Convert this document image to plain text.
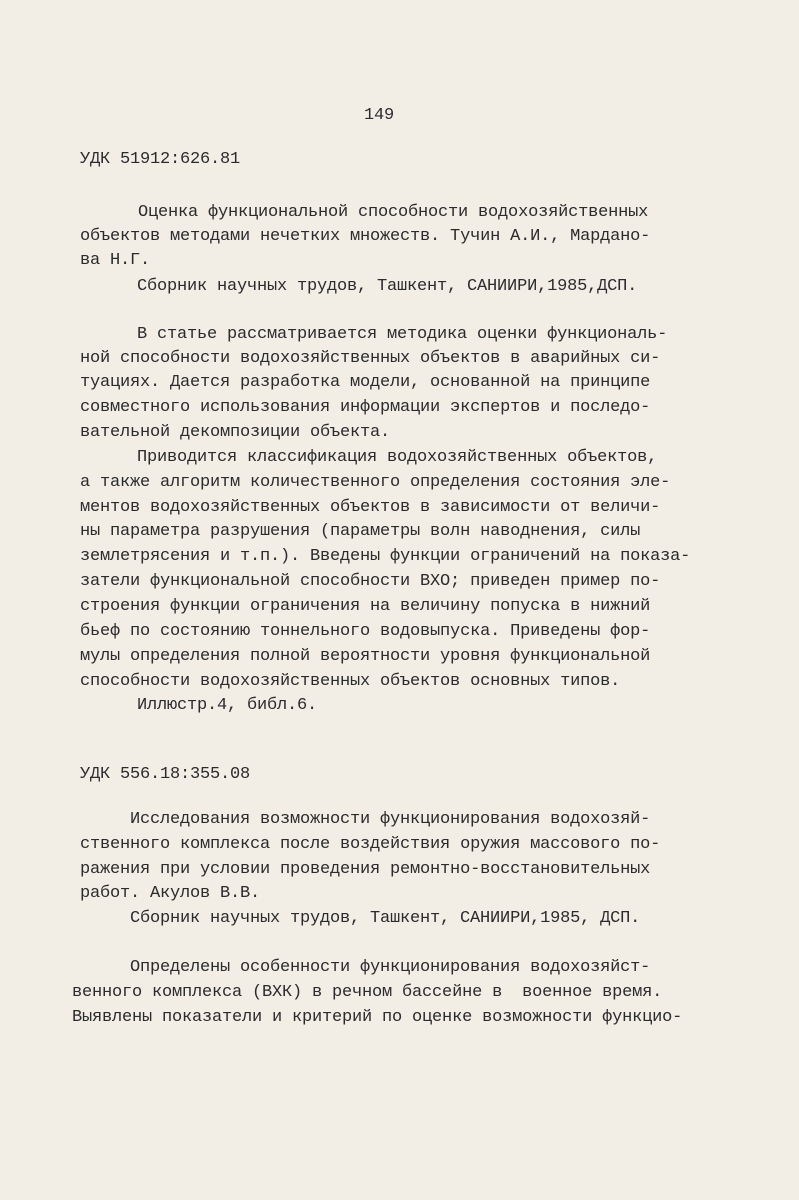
149
УДК 51912:626.81
Оценка функциональной способности водохозяйственных
объектов методами нечетких множеств. Тучин А.И., Мардано-
ва Н.Г.
Сборник научных трудов, Ташкент, САНИИРИ,1985,ДСП.
В статье рассматривается методика оценки функциональ-
ной способности водохозяйственных объектов в аварийных си-
туациях. Дается разработка модели, основанной на принципе
совместного использования информации экспертов и последо-
вательной декомпозиции объекта.
Приводится классификация водохозяйственных объектов,
а также алгоритм количественного определения состояния эле-
ментов водохозяйственных объектов в зависимости от величи-
ны параметра разрушения (параметры волн наводнения, силы
землетрясения и т.п.). Введены функции ограничений на показа-
затели функциональной способности ВХО; приведен пример по-
строения функции ограничения на величину попуска в нижний
бьеф по состоянию тоннельного водовыпуска. Приведены фор-
мулы определения полной вероятности уровня функциональной
способности водохозяйственных объектов основных типов.
Иллюстр.4, библ.6.
УДК 556.18:355.08
Исследования возможности функционирования водохозяй-
ственного комплекса после воздействия оружия массового по-
ражения при условии проведения ремонтно-восстановительных
работ. Акулов В.В.
Сборник научных трудов, Ташкент, САНИИРИ,1985, ДСП.
Определены особенности функционирования водохозяйст-
венного комплекса (ВХК) в речном бассейне в  военное время.
Выявлены показатели и критерий по оценке возможности функцио-
